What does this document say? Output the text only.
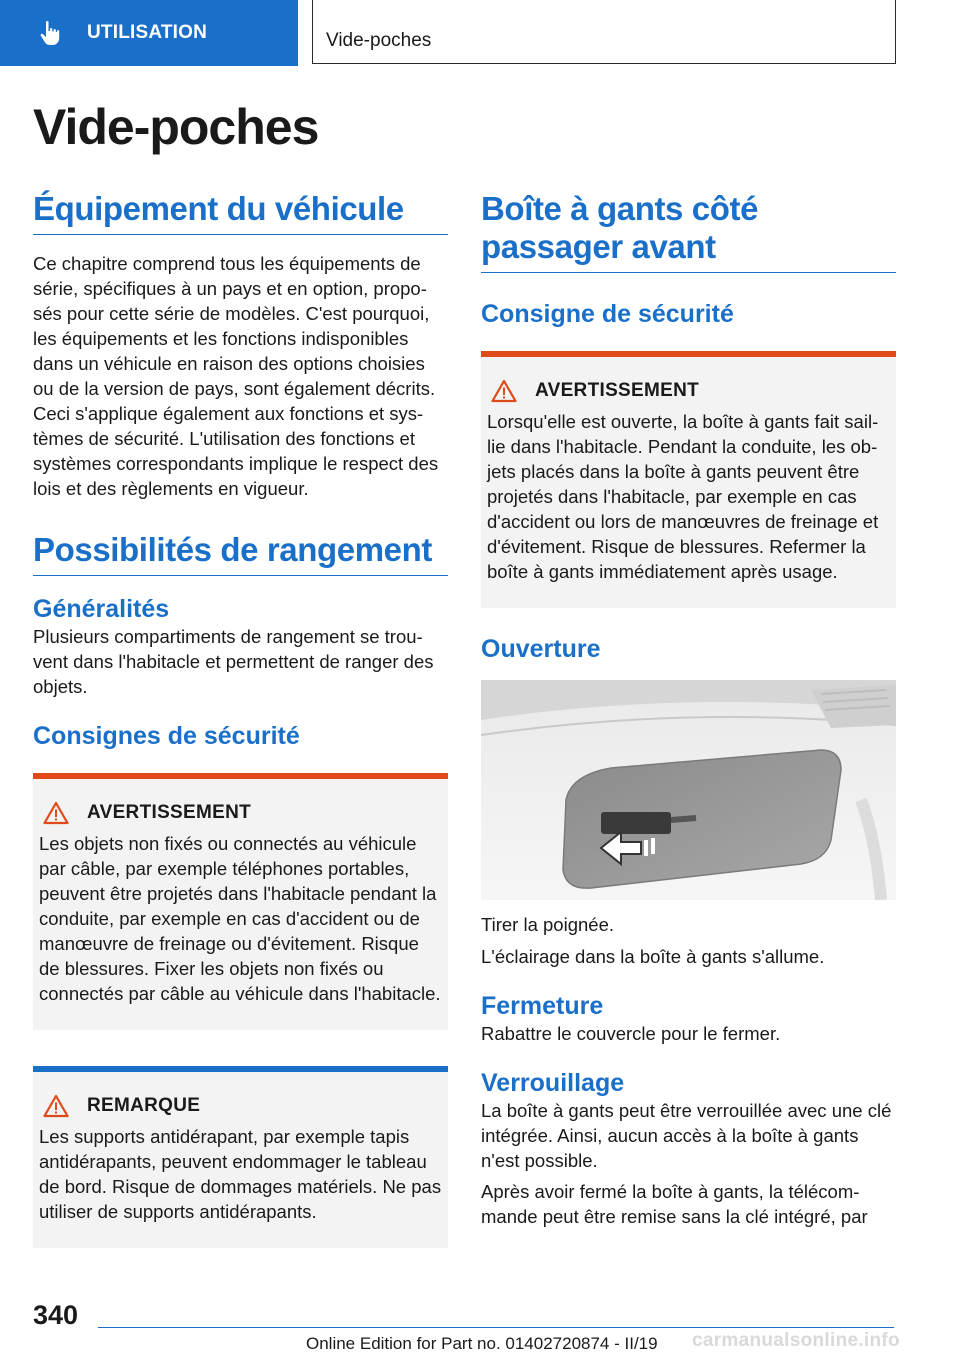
UTILISATION	Vide-poches
Vide-poches
Équipement du véhicule

Ce chapitre comprend tous les équipements de série, spécifiques à un pays et en option, proposés pour cette série de modèles. C'est pourquoi, les équipements et les fonctions indisponibles dans un véhicule en raison des options choisies ou de la version de pays, sont également décrits. Ceci s'applique également aux fonctions et systèmes de sécurité. L'utilisation des fonctions et systèmes correspondants implique le respect des lois et des règlements en vigueur.

Possibilités de rangement
Généralités

Plusieurs compartiments de rangement se trouvent dans l'habitacle et permettent de ranger des objets.

Consignes de sécurité
AVERTISSEMENT

Les objets non fixés ou connectés au véhicule par câble, par exemple téléphones portables, peuvent être projetés dans l'habitacle pendant la conduite, par exemple en cas d'accident ou de manœuvre de freinage ou d'évitement. Risque de blessures. Fixer les objets non fixés ou connectés par câble au véhicule dans l'habitacle.

REMARQUE

Les supports antidérapant, par exemple tapis antidérapants, peuvent endommager le tableau de bord. Risque de dommages matériels. Ne pas utiliser de supports antidérapants.

Boîte à gants côté passager avant
Consigne de sécurité
AVERTISSEMENT

Lorsqu'elle est ouverte, la boîte à gants fait saillie dans l'habitacle. Pendant la conduite, les objets placés dans la boîte à gants peuvent être projetés dans l'habitacle, par exemple en cas d'accident ou lors de manœuvres de freinage et d'évitement. Risque de blessures. Refermer la boîte à gants immédiatement après usage.

Ouverture

Tirer la poignée.

L'éclairage dans la boîte à gants s'allume.

Fermeture

Rabattre le couvercle pour le fermer.

Verrouillage

La boîte à gants peut être verrouillée avec une clé intégrée. Ainsi, aucun accès à la boîte à gants n'est possible.

Après avoir fermé la boîte à gants, la télécommande peut être remise sans la clé intégré, par

340
Online Edition for Part no. 01402720874 - II/19 carmanualsonline.info
